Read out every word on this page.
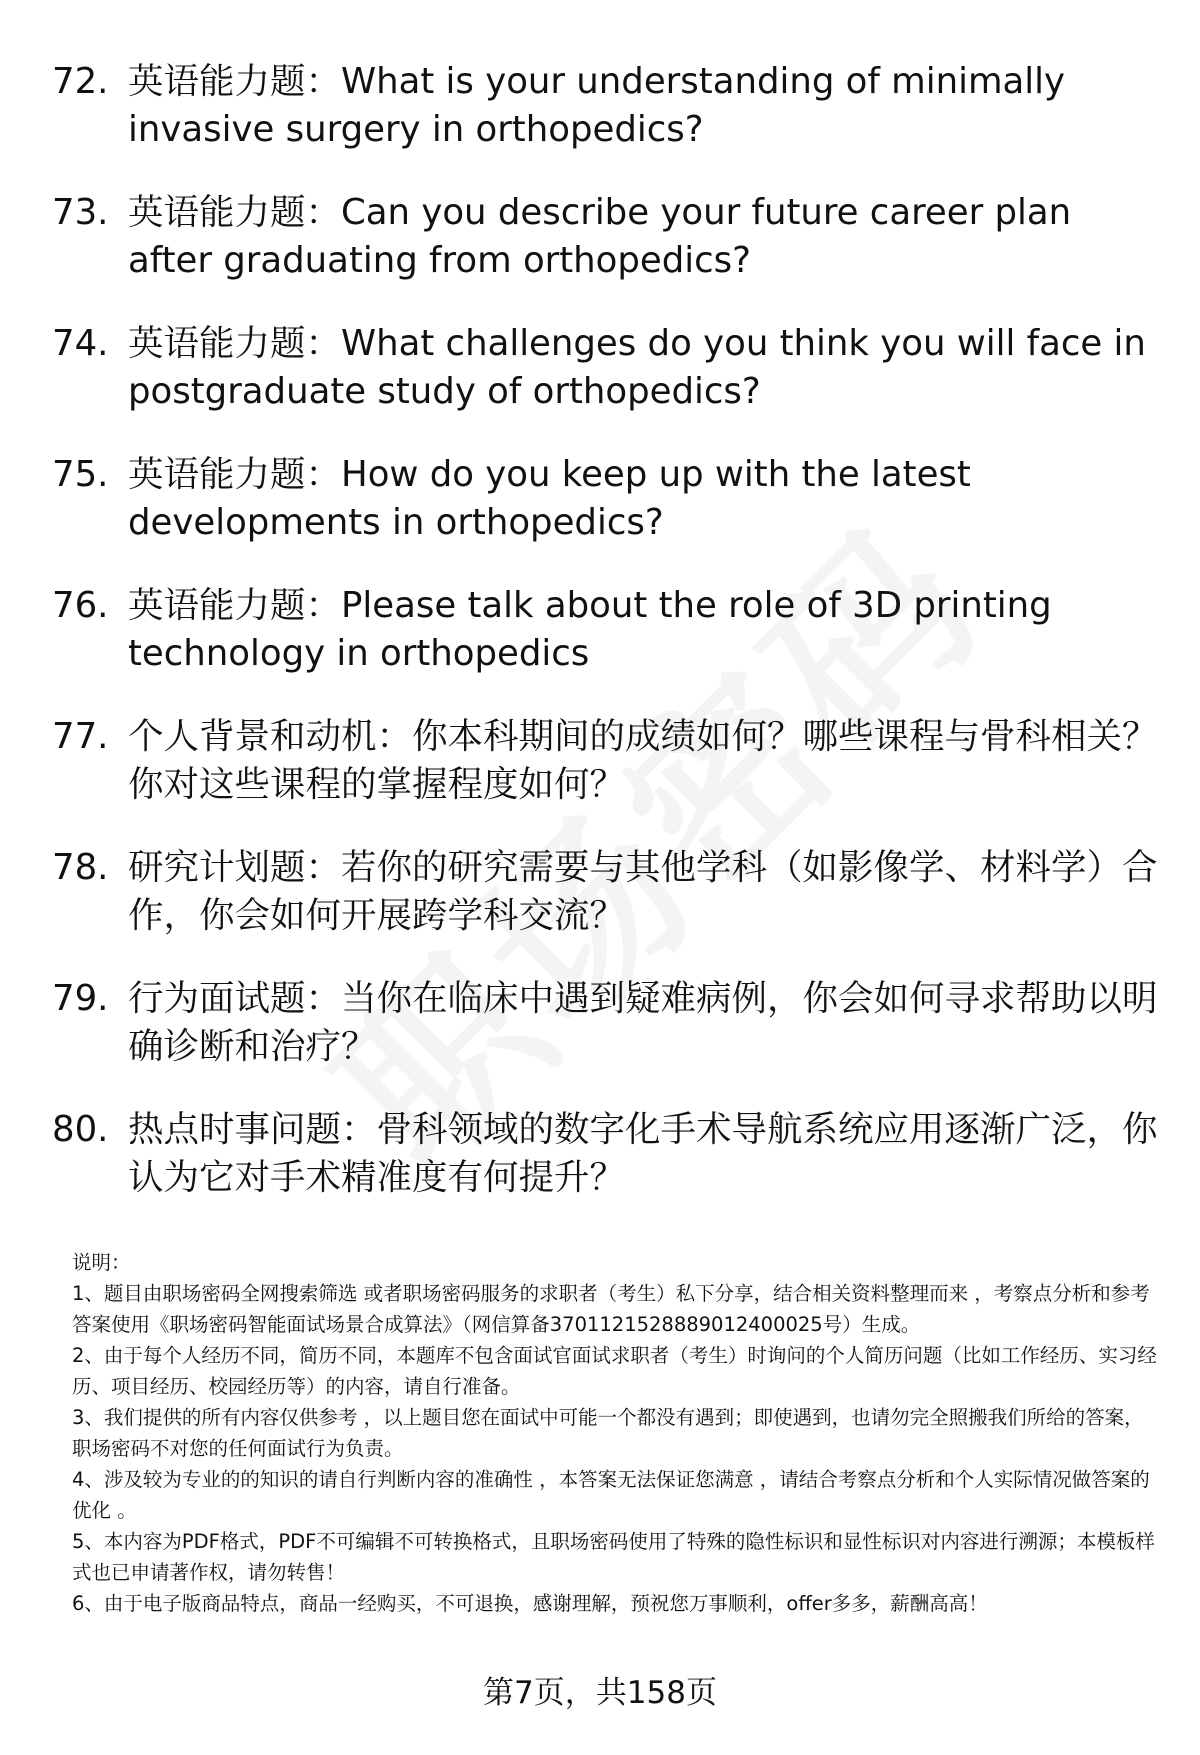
72. 英语能力题：What is your understanding of minimally invasive surgery in orthopedics?
73. 英语能力题：Can you describe your future career plan after graduating from orthopedics?
74. 英语能力题：What challenges do you think you will face in postgraduate study of orthopedics?
75. 英语能力题：How do you keep up with the latest developments in orthopedics?
76. 英语能力题：Please talk about the role of 3D printing technology in orthopedics
77. 个人背景和动机：你本科期间的成绩如何？哪些课程与骨科相关？你对这些课程的掌握程度如何？
78. 研究计划题：若你的研究需要与其他学科（如影像学、材料学）合作，你会如何开展跨学科交流？
79. 行为面试题：当你在临床中遇到疑难病例，你会如何寻求帮助以明确诊断和治疗？
80. 热点时事问题：骨科领域的数字化手术导航系统应用逐渐广泛，你认为它对手术精准度有何提升？
说明：
1、题目由职场密码全网搜索筛选 或者职场密码服务的求职者（考生）私下分享，结合相关资料整理而来 ，考察点分析和参考答案使用《职场密码智能面试场景合成算法》（网信算备3701121528889012400025号）生成。
2、由于每个人经历不同，简历不同，本题库不包含面试官面试求职者（考生）时询问的个人简历问题（比如工作经历、实习经历、项目经历、校园经历等）的内容，请自行准备。
3、我们提供的所有内容仅供参考 ，以上题目您在面试中可能一个都没有遇到；即使遇到，也请勿完全照搬我们所给的答案，职场密码不对您的任何面试行为负责。
4、涉及较为专业的的知识的请自行判断内容的准确性 ，本答案无法保证您满意 ，请结合考察点分析和个人实际情况做答案的优化 。
5、本内容为PDF格式，PDF不可编辑不可转换格式，且职场密码使用了特殊的隐性标识和显性标识对内容进行溯源；本模板样式也已申请著作权，请勿转售！
6、由于电子版商品特点，商品一经购买，不可退换，感谢理解，预祝您万事顺利，offer多多，薪酬高高！
第7页，共158页
